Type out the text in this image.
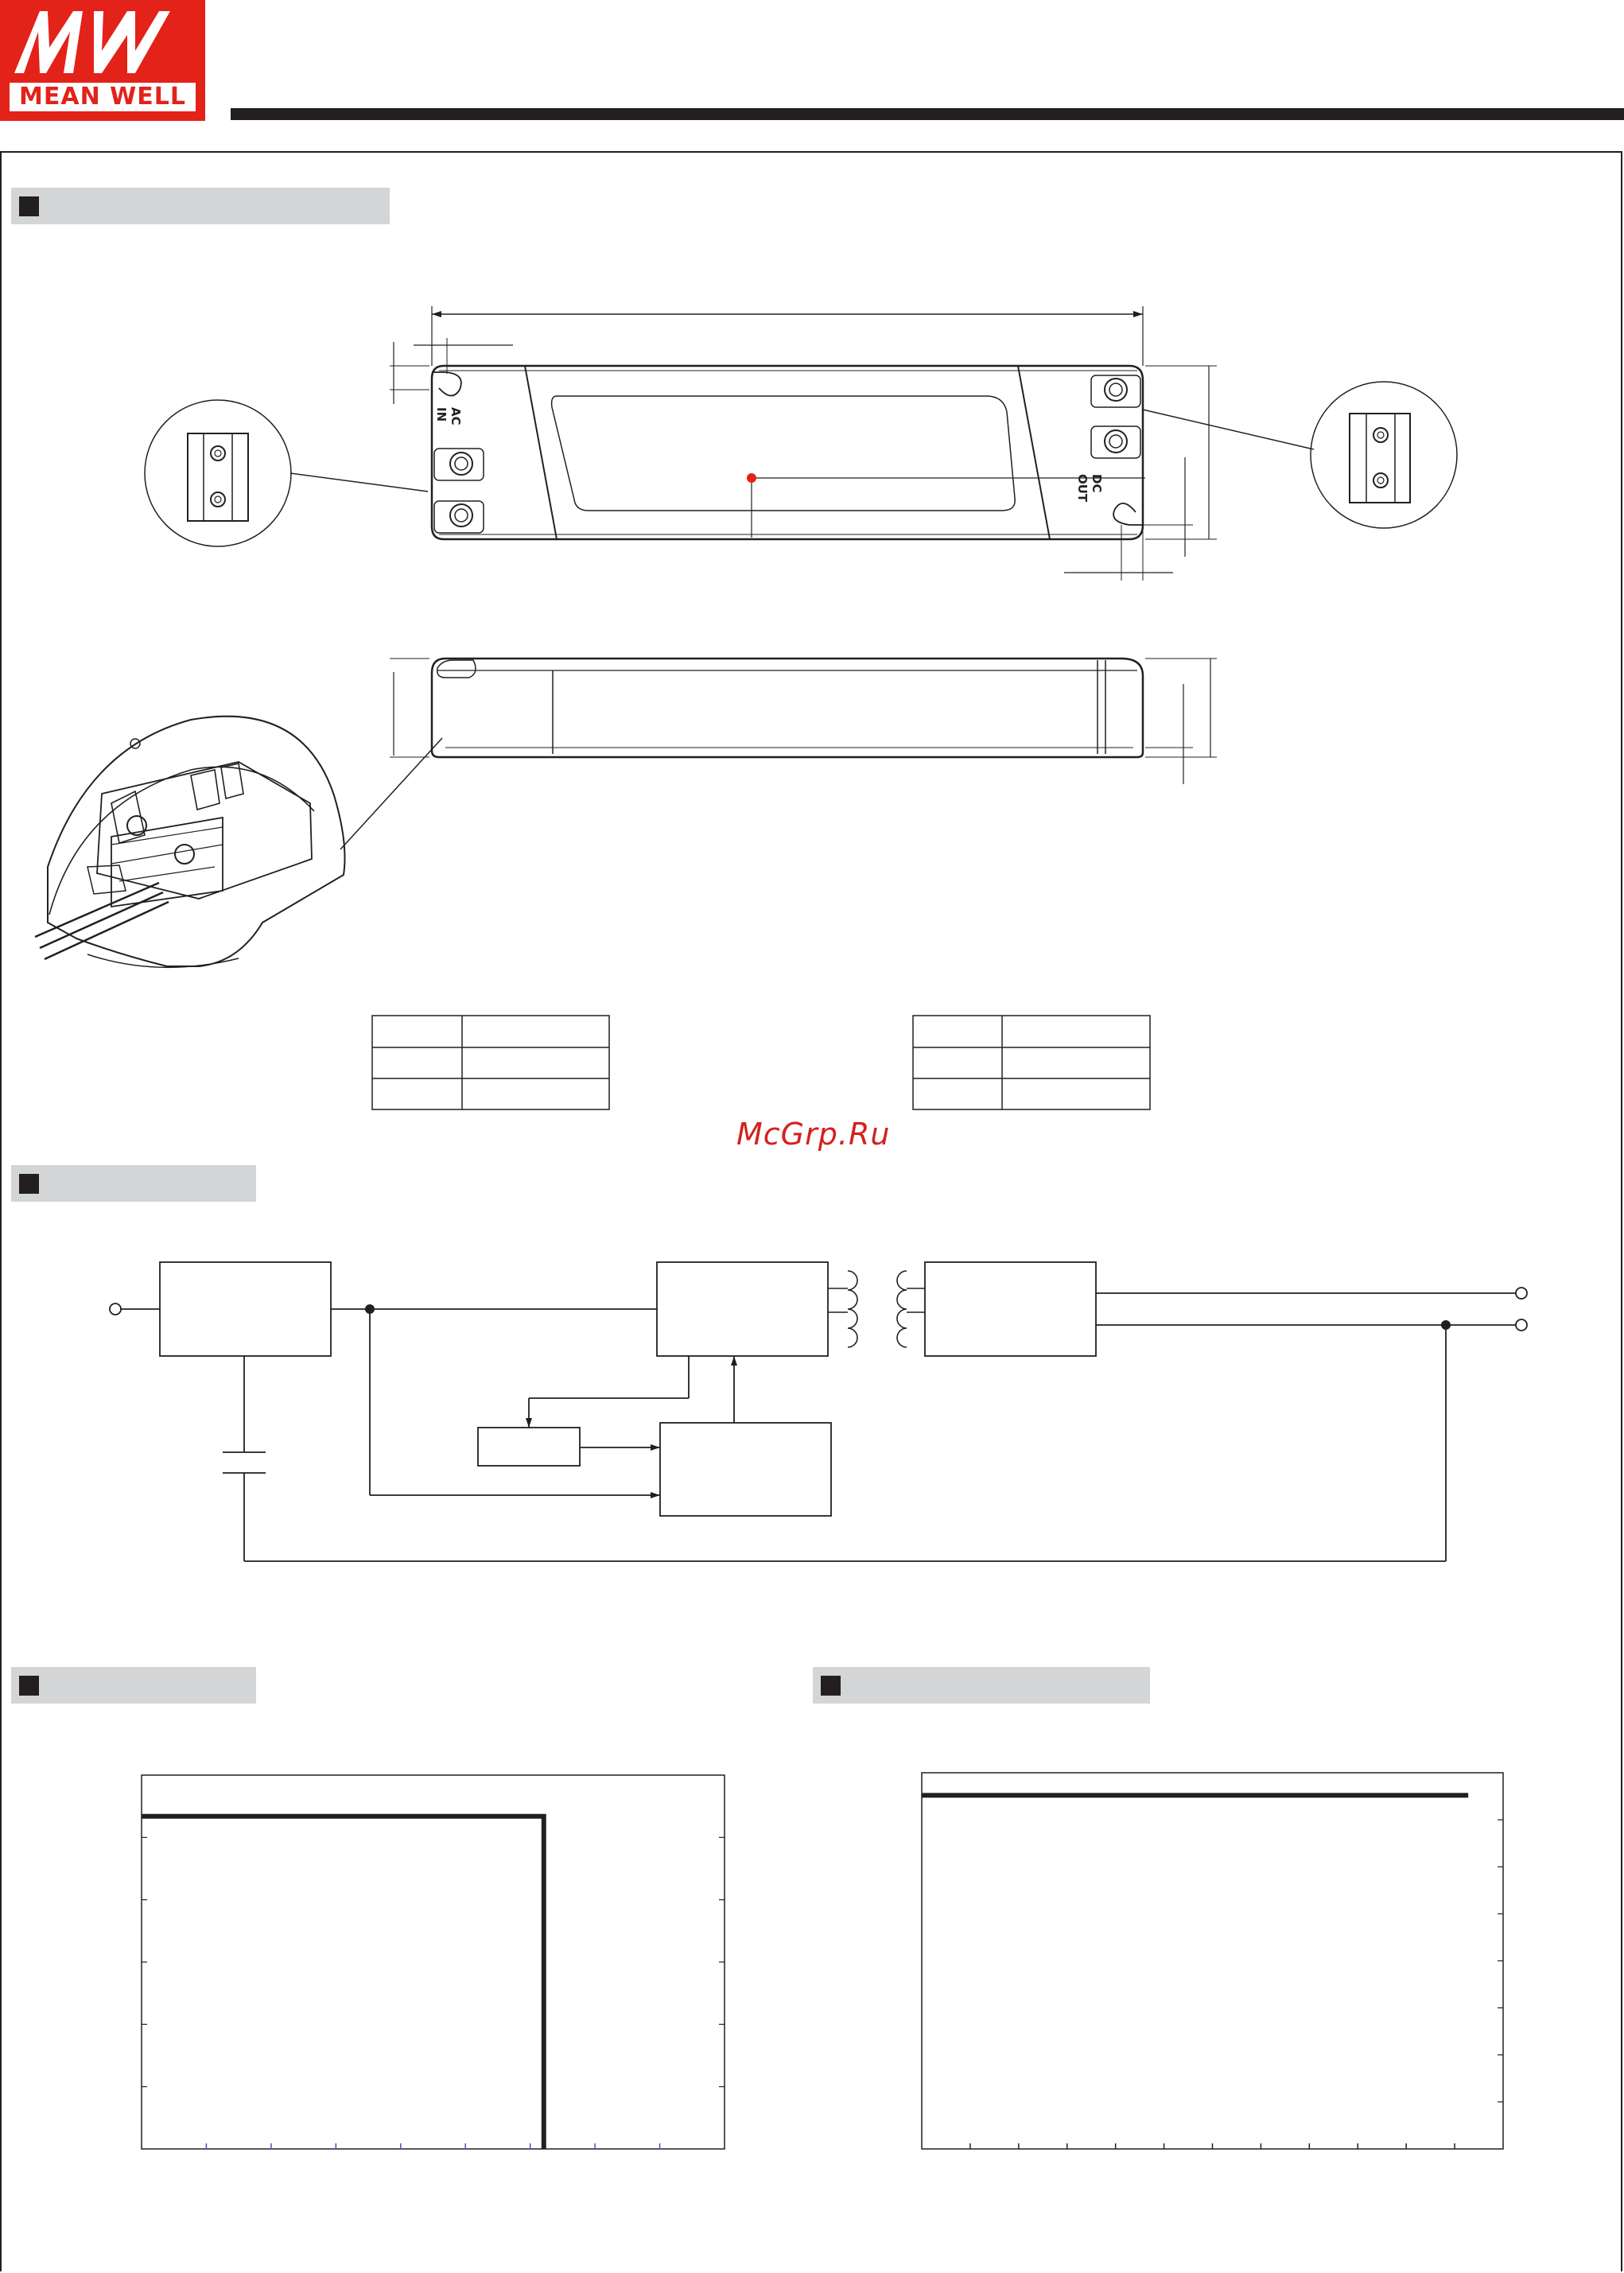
MEAN WELL
AC
IN
DC
OUT
McGrp.Ru
